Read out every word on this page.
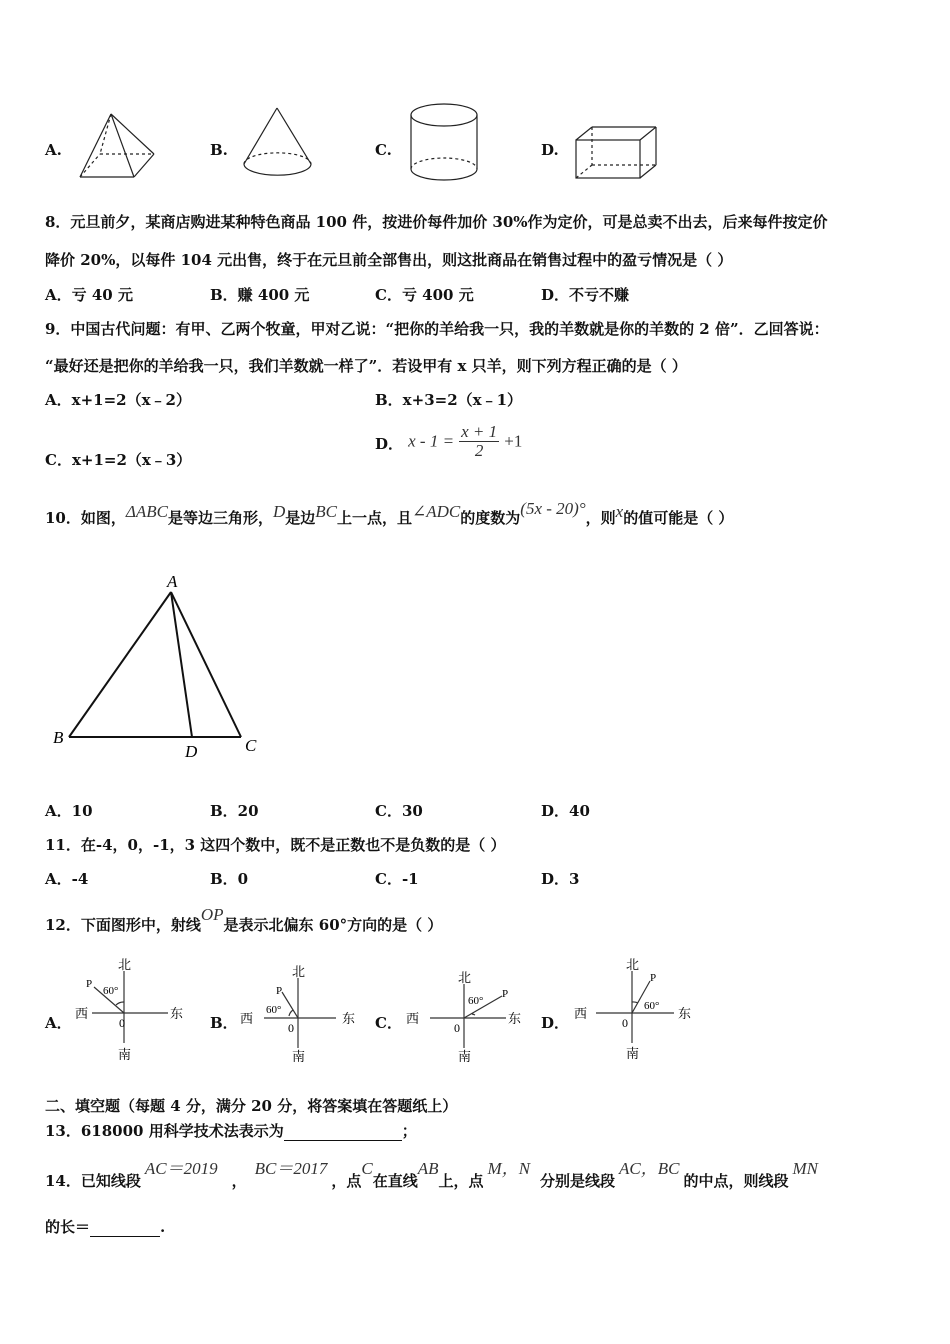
A.	B.	C.	D.
8．元旦前夕，某商店购进某种特色商品 100 件，按进价每件加价 30%作为定价，可是总卖不出去，后来每件按定价
降价 20%，以每件 104 元出售，终于在元旦前全部售出，则这批商品在销售过程中的盈亏情况是（ ）
A．亏 40 元	B．赚 400 元	C．亏 400 元	D．不亏不赚
9．中国古代问题：有甲、乙两个牧童，甲对乙说：“把你的羊给我一只，我的羊数就是你的羊数的 2 倍”．乙回答说：
“最好还是把你的羊给我一只，我们羊数就一样了”．若设甲有 x 只羊，则下列方程正确的是（ ）
A．x+1=2（x﹣2）	B．x+3=2（x﹣1）
C．x+1=2（x﹣3）
D． $x - 1 = \frac{x + 1}{2} +1$
10．如图，ΔABC是等边三角形，D是边BC上一点，且∠ADC的度数为(5x - 20)°，则x的值可能是（ ）
A
B
D	C
A．10	B．20	C．30	D．40
11．在-4，0，-1，3 这四个数中，既不是正数也不是负数的是（ ）
A．-4	B．0	C．-1	D．3
12．下面图形中，射线OP是表示北偏东 60°方向的是（ ）
A．
北
南
西	东
0
P
60°
B．
北
南
西	东
0
P
60°
C．
北
南
西	东
0
P
60°
D．
北
南
西	东
0
P
60°
二、填空题（每题 4 分，满分 20 分，将答案填在答题纸上）
13．618000 用科学技术法表示为	；
14．已知线段AC＝2019，BC＝2017，点C在直线AB上，点M，N分别是线段AC，BC的中点，则线段MN
的长＝	.
